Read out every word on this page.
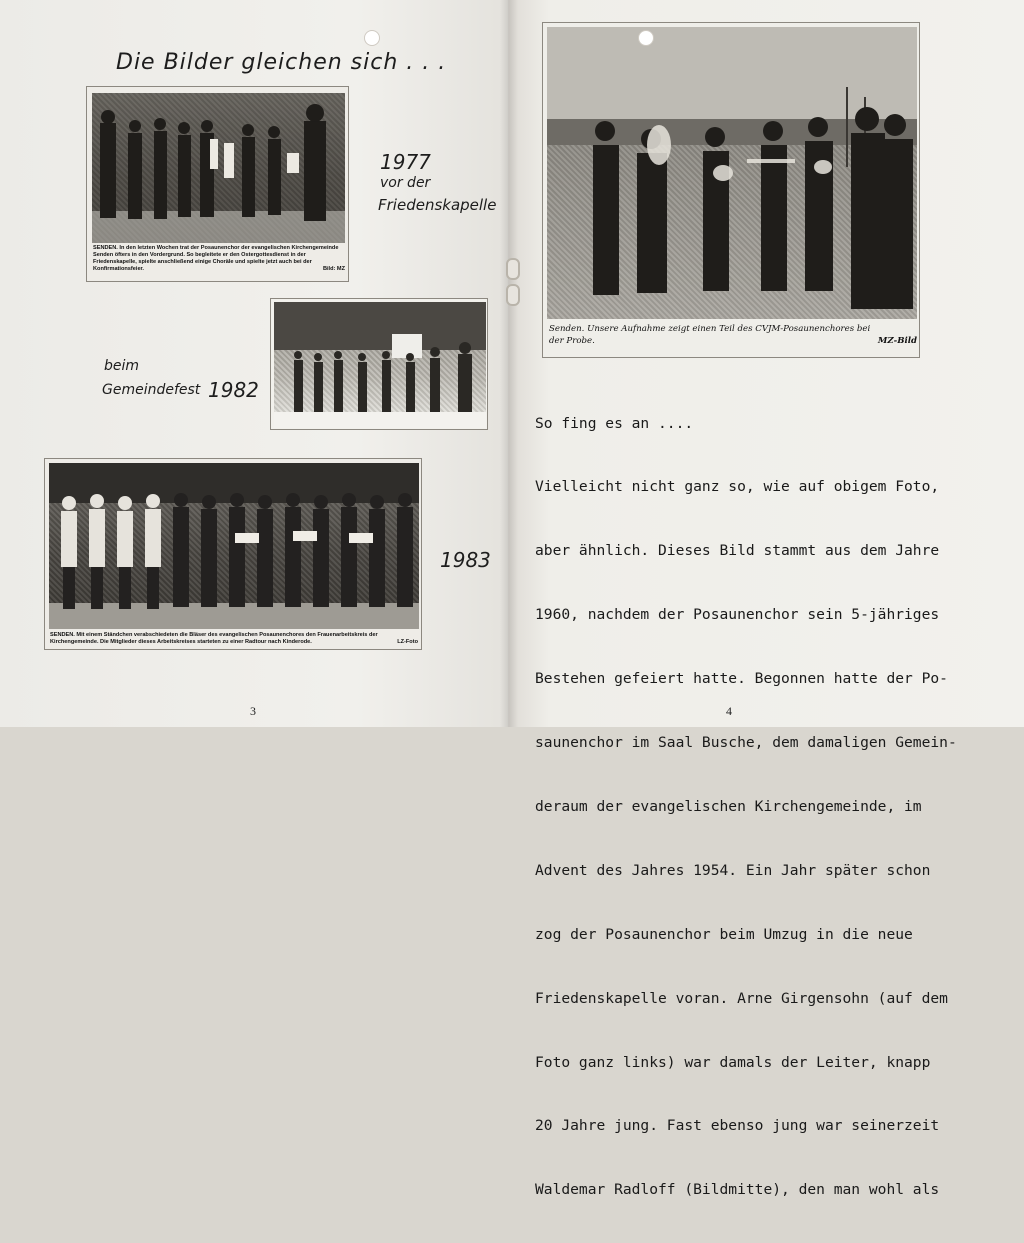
Die Bilder gleichen sich . . .
SENDEN. In den letzten Wochen trat der Posaunenchor der evangelischen Kirchengemeinde Senden öfters in den Vordergrund. So begleitete er den Ostergottesdienst in der Friedenskapelle, spielte anschließend einige Choräle und spielte jetzt auch bei der Konfirmationsfeier.	Bild: MZ
1977
vor der
Friedenskapelle
beim
Gemeindefest 1982
SENDEN. Mit einem Ständchen verabschiedeten die Bläser des evangelischen Posaunenchores den Frauenarbeitskreis der Kirchengemeinde. Die Mitglieder dieses Arbeitskreises starteten zu einer Radtour nach Kinderode.	LZ-Foto
1983
3
Senden. Unsere Aufnahme zeigt einen Teil des CVJM-Posaunenchores bei
der Probe.	MZ-Bild

So fing es an ....

Vielleicht nicht ganz so, wie auf obigem Foto,

aber ähnlich. Dieses Bild stammt aus dem Jahre

1960, nachdem der Posaunenchor sein 5-jähriges

Bestehen gefeiert hatte. Begonnen hatte der Po-

saunenchor im Saal Busche, dem damaligen Gemein-

deraum der evangelischen Kirchengemeinde, im

Advent des Jahres 1954. Ein Jahr später schon

zog der Posaunenchor beim Umzug in die neue

Friedenskapelle voran. Arne Girgensohn (auf dem

Foto ganz links) war damals der Leiter, knapp

20 Jahre jung. Fast ebenso jung war seinerzeit

Waldemar Radloff (Bildmitte), den man wohl als

4
